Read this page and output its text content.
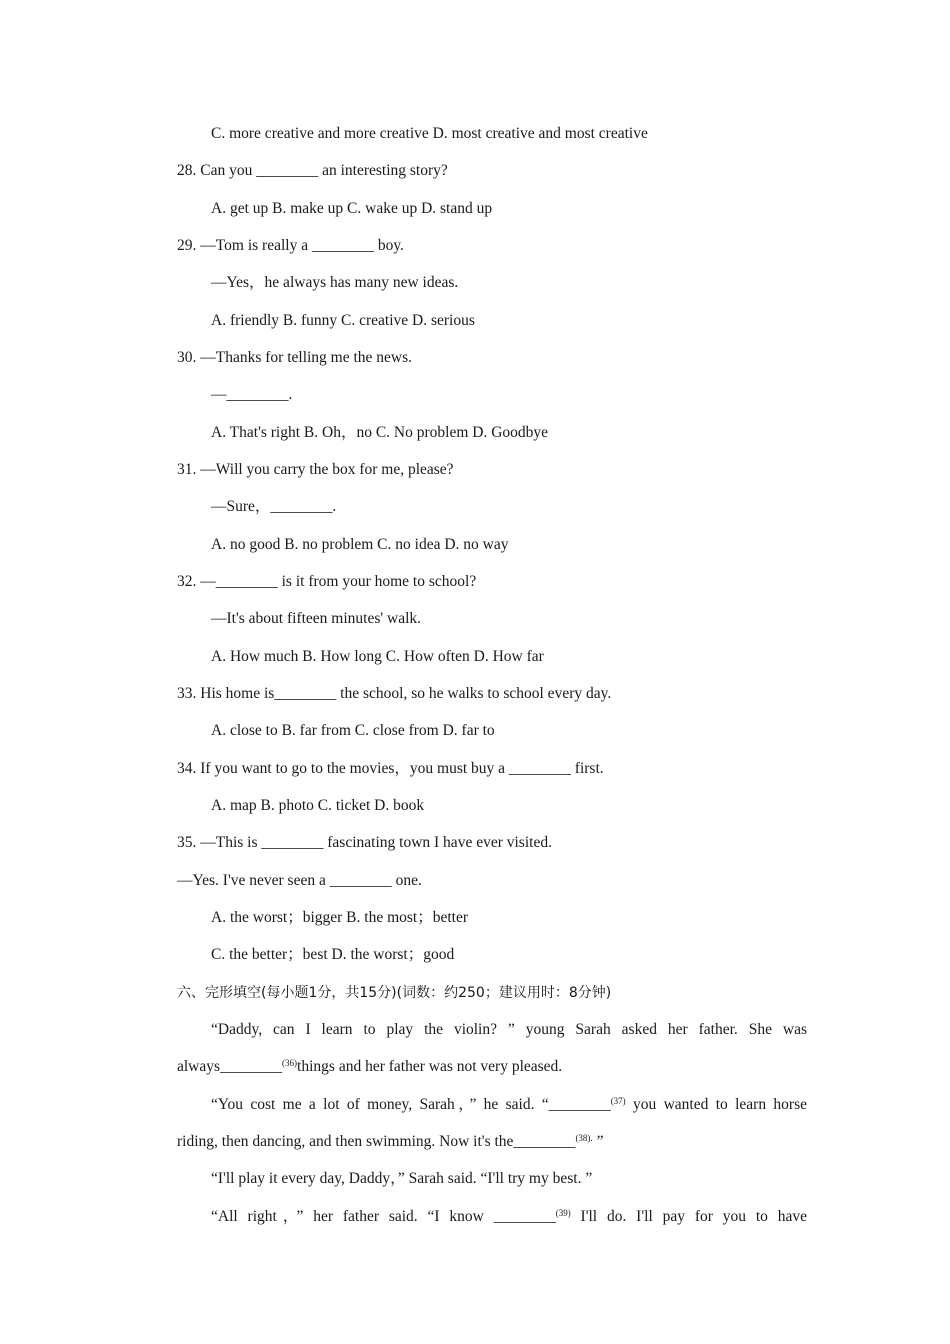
C. more creative and more creative D. most creative and most creative
28. Can you ________ an interesting story?
A. get up B. make up C. wake up D. stand up
29. —Tom is really a ________ boy.
—Yes，he always has many new ideas.
A. friendly B. funny C. creative D. serious
30. —Thanks for telling me the news.
—________.
A. That's right B. Oh，no C. No problem D. Goodbye
31. —Will you carry the box for me, please?
—Sure，________.
A. no good B. no problem C. no idea D. no way
32. —________ is it from your home to school?
—It's about fifteen minutes' walk.
A. How much B. How long C. How often D. How far
33. His home is________ the school, so he walks to school every day.
A. close to B. far from C. close from D. far to
34. If you want to go to the movies，you must buy a ________ first.
A. map B. photo C. ticket D. book
35. —This is ________ fascinating town I have ever visited.
—Yes. I've never seen a ________ one.
A. the worst；bigger B. the most；better
C. the better；best D. the worst；good
六、完形填空(每小题1分，共15分)(词数：约250；建议用时：8分钟)
“Daddy, can I learn to play the violin? ” young Sarah asked her father. She was
always________$^{(36)}$things and her father was not very pleased.
“You cost me a lot of money, Sarah，” he said. “________$^{(37)}$ you wanted to learn horse
riding, then dancing, and then swimming. Now it's the________$^{(38).}$ ”
“I'll play it every day, Daddy，” Sarah said. “I'll try my best. ”
“All right，” her father said. “I know ________$^{(39)}$ I'll do. I'll pay for you to have
